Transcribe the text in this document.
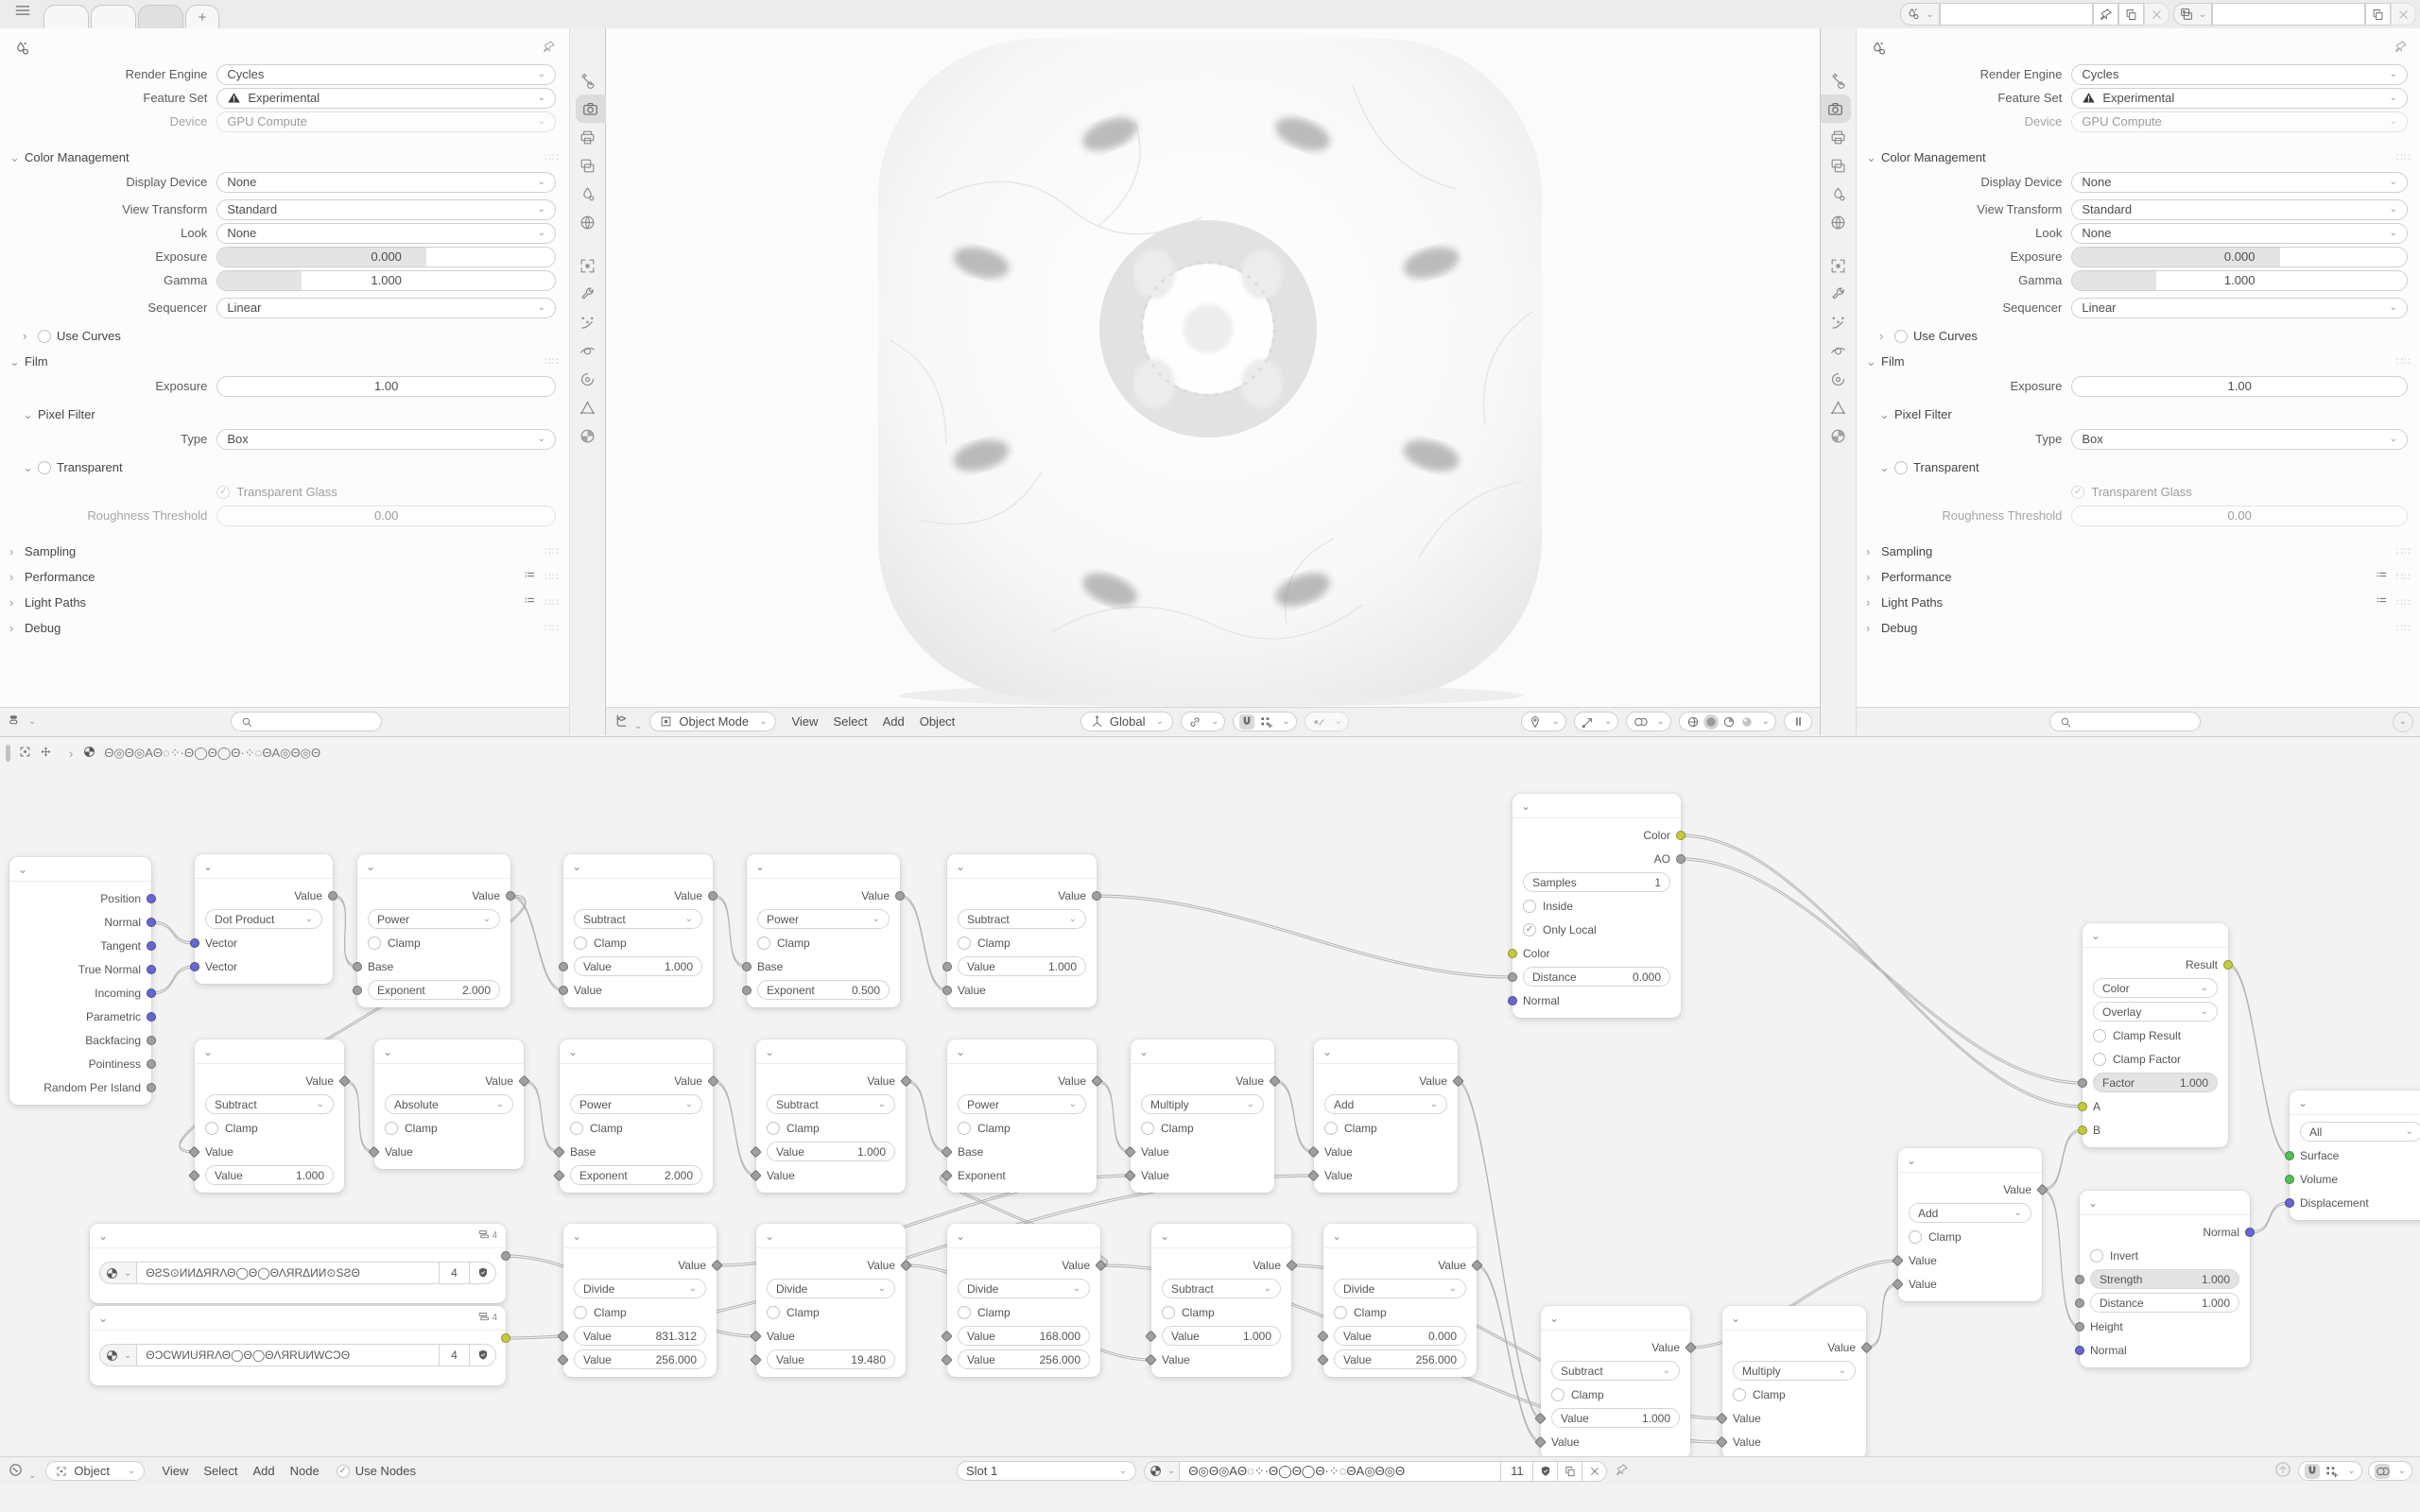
⌄	⌄
Render Engine	Cycles	⌄
Feature Set	Experimental	⌄
Device	GPU Compute	⌄
⌄ Color Management	∷∷
Display Device	None	⌄
View Transform	Standard	⌄
Look	None	⌄
Exposure	0.000
Gamma	1.000
Sequencer	Linear	⌄
›	Use Curves
⌄ Film	∷∷
Exposure	1.00
⌄ Pixel Filter
Type	Box	⌄
⌄	Transparent
✓ Transparent Glass
Roughness Threshold	0.00
› Sampling	∷∷
› Performance	∷∷
› Light Paths	∷∷
› Debug	∷∷
⌄	⌄	Object Mode ⌄	View	Select	Add	Object	Global ⌄	⌄	⌄	⌄	⌄	⌄	⌄	⌄
Render Engine	Cycles	⌄
Feature Set	Experimental	⌄
Device	GPU Compute	⌄
⌄ Color Management	∷∷
Display Device	None	⌄
View Transform	Standard	⌄
Look	None	⌄
Exposure	0.000
Gamma	1.000
Sequencer	Linear	⌄
›	Use Curves
⌄ Film	∷∷
Exposure	1.00
⌄ Pixel Filter
Type	Box	⌄
⌄	Transparent
✓ Transparent Glass
Roughness Threshold	0.00
› Sampling	∷∷
› Performance	∷∷
› Light Paths	∷∷
› Debug	∷∷
⌄
›	Θ◎Θ◎AΘ◌⁘·Θ◯Θ◯Θ·⁘◌ΘA◎Θ◎Θ
⌄
Position
Normal
Tangent
True Normal
Incoming
Parametric
Backfacing
Pointiness
Random Per Island
⌄
Value
Dot Product	⌄
Vector
Vector
⌄
Value
Power	⌄
Clamp
Base
Exponent	2.000
⌄
Value
Subtract	⌄
Clamp
Value	1.000
Value
⌄
Value
Power	⌄
Clamp
Base
Exponent	0.500
⌄
Value
Subtract	⌄
Clamp
Value	1.000
Value
⌄
Value
Subtract	⌄
Clamp
Value
Value	1.000
⌄
Value
Absolute	⌄
Clamp
Value
⌄
Value
Power	⌄
Clamp
Base
Exponent	2.000
⌄
Value
Subtract	⌄
Clamp
Value	1.000
Value
⌄
Value
Power	⌄
Clamp
Base
Exponent
⌄
Value
Multiply	⌄
Clamp
Value
Value
⌄
Value
Add	⌄
Clamp
Value
Value
⌄	4
⌄	ΘƧS⊙ИИΔЯRΛΘ◯Θ◯ΘΛЯRΔИИ⊙SƧΘ	4
⌄	4
⌄	ΘƆCWИUЯRΛΘ◯Θ◯ΘΛЯRUИWCƆΘ	4
⌄
Value
Divide	⌄
Clamp
Value	831.312
Value	256.000
⌄
Value
Divide	⌄
Clamp
Value
Value	19.480
⌄
Value
Divide	⌄
Clamp
Value	168.000
Value	256.000
⌄
Value
Subtract	⌄
Clamp
Value	1.000
Value
⌄
Value
Divide	⌄
Clamp
Value	0.000
Value	256.000
⌄
Color
AO
Samples	1
Inside
✓ Only Local
Color
Distance	0.000
Normal
⌄
Value
Subtract	⌄
Clamp
Value	1.000
Value
⌄
Value
Multiply	⌄
Clamp
Value
Value
⌄
Value
Add	⌄
Clamp
Value
Value
⌄
Result
Color	⌄
Overlay	⌄
Clamp Result
Clamp Factor
Factor	1.000
A
B
⌄
Normal
Invert
Strength	1.000
Distance	1.000
Height
Normal
⌄
All	⌄
Surface
Volume
Displacement
⌄	Object ⌄	View	Select	Add	Node	✓ Use Nodes	Slot 1	⌄	⌄	Θ◎Θ◎AΘ◌⁘·Θ◯Θ◯Θ·⁘◌ΘA◎Θ◎Θ	11	⌄	⌄
